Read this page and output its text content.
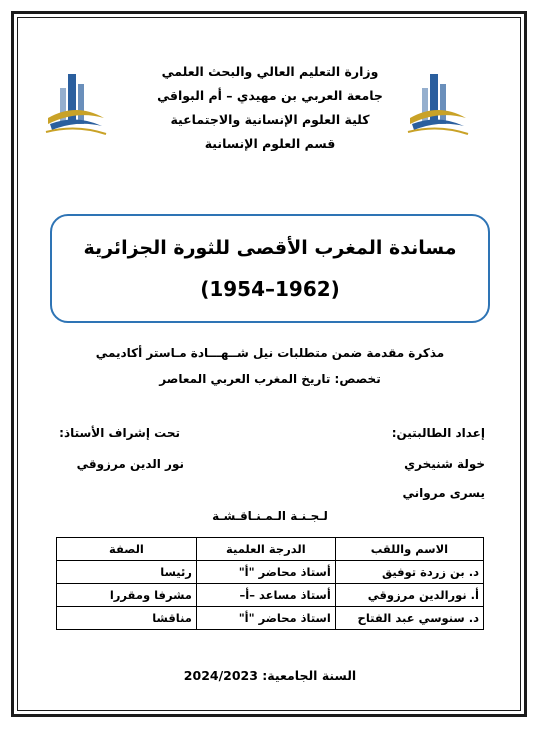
وزارة التعليم العالي والبحث العلمي
جامعة العربي بن مهيدي – أم البواقي
كلية العلوم الإنسانية والاجتماعية
قسم العلوم الإنسانية
مساندة المغرب الأقصى للثورة الجزائرية
(1954–1962)
مذكرة مقدمة ضمن متطلبات نيل شــهـــادة مـاستر أكاديمي
تخصص: تاريخ المغرب العربي المعاصر
إعداد الطالبتين:
تحت إشراف الأستاذ:
خولة شنيخري
نور الدين مرزوقي
يسرى مرواني
لـجـنـة الـمـنـاقـشـة
الاسم واللقب	الدرجة العلمية	الصفة
د. بن زردة توفيق	أستاذ محاضر "أ"	رئيسا
أ. نورالدين مرزوقي	أستاذ مساعد –أ–	مشرفا ومقررا
د. سنوسي عبد الفتاح	استاذ محاضر "أ"	مناقشا
السنة الجامعية: 2024/2023
